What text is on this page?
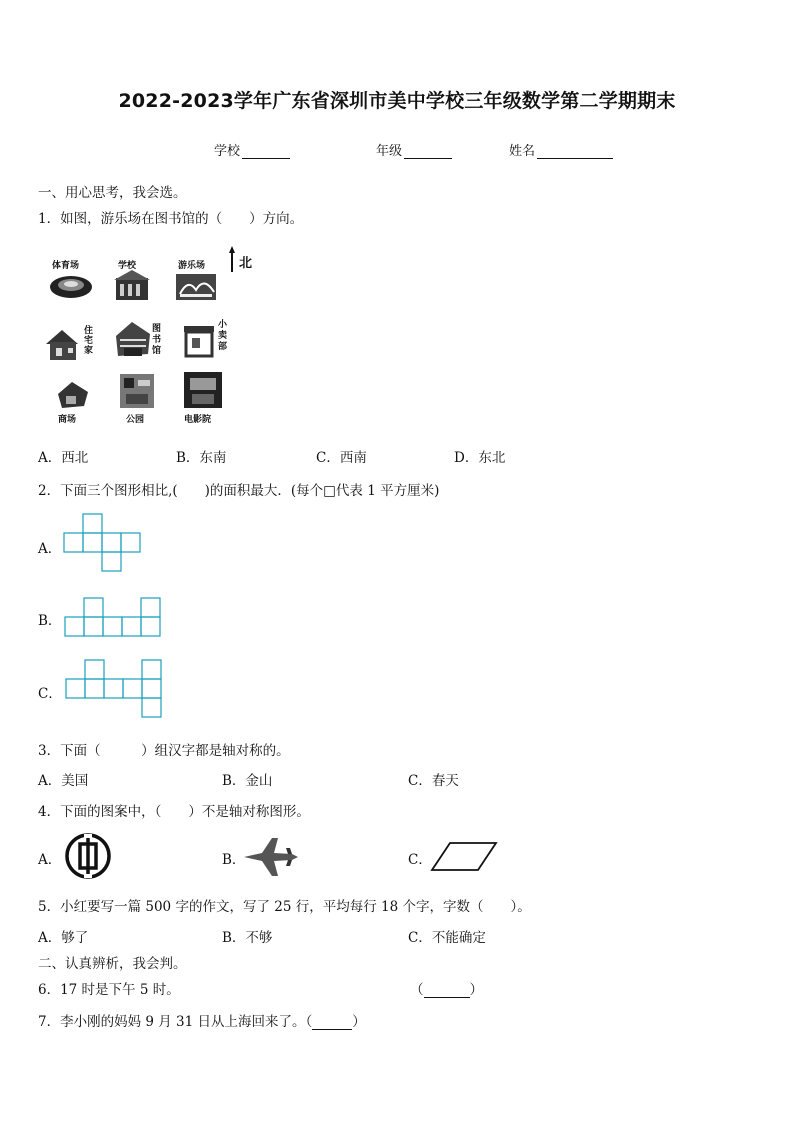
2022-2023学年广东省深圳市美中学校三年级数学第二学期期末
学校	年级	姓名
一、用心思考，我会选。
1．如图，游乐场在图书馆的（　　）方向。
北
体育场	学校	游乐场
住宅家
图书馆
小卖部
商场	公园	电影院
A．西北	B．东南	C．西南	D．东北
2．下面三个图形相比,(　　)的面积最大．(每个□代表 1 平方厘米)
A．
B．
C．
3．下面（　　　）组汉字都是轴对称的。
A．美国	B．金山	C．春天
4．下面的图案中，（　　）不是轴对称图形。
A．	B．	C．
5．小红要写一篇 500 字的作文，写了 25 行，平均每行 18 个字，字数（　　）。
A．够了	B．不够	C．不能确定
二、认真辨析，我会判。
6．17 时是下午 5 时。	（	）
7．李小刚的妈妈 9 月 31 日从上海回来了。（	）
